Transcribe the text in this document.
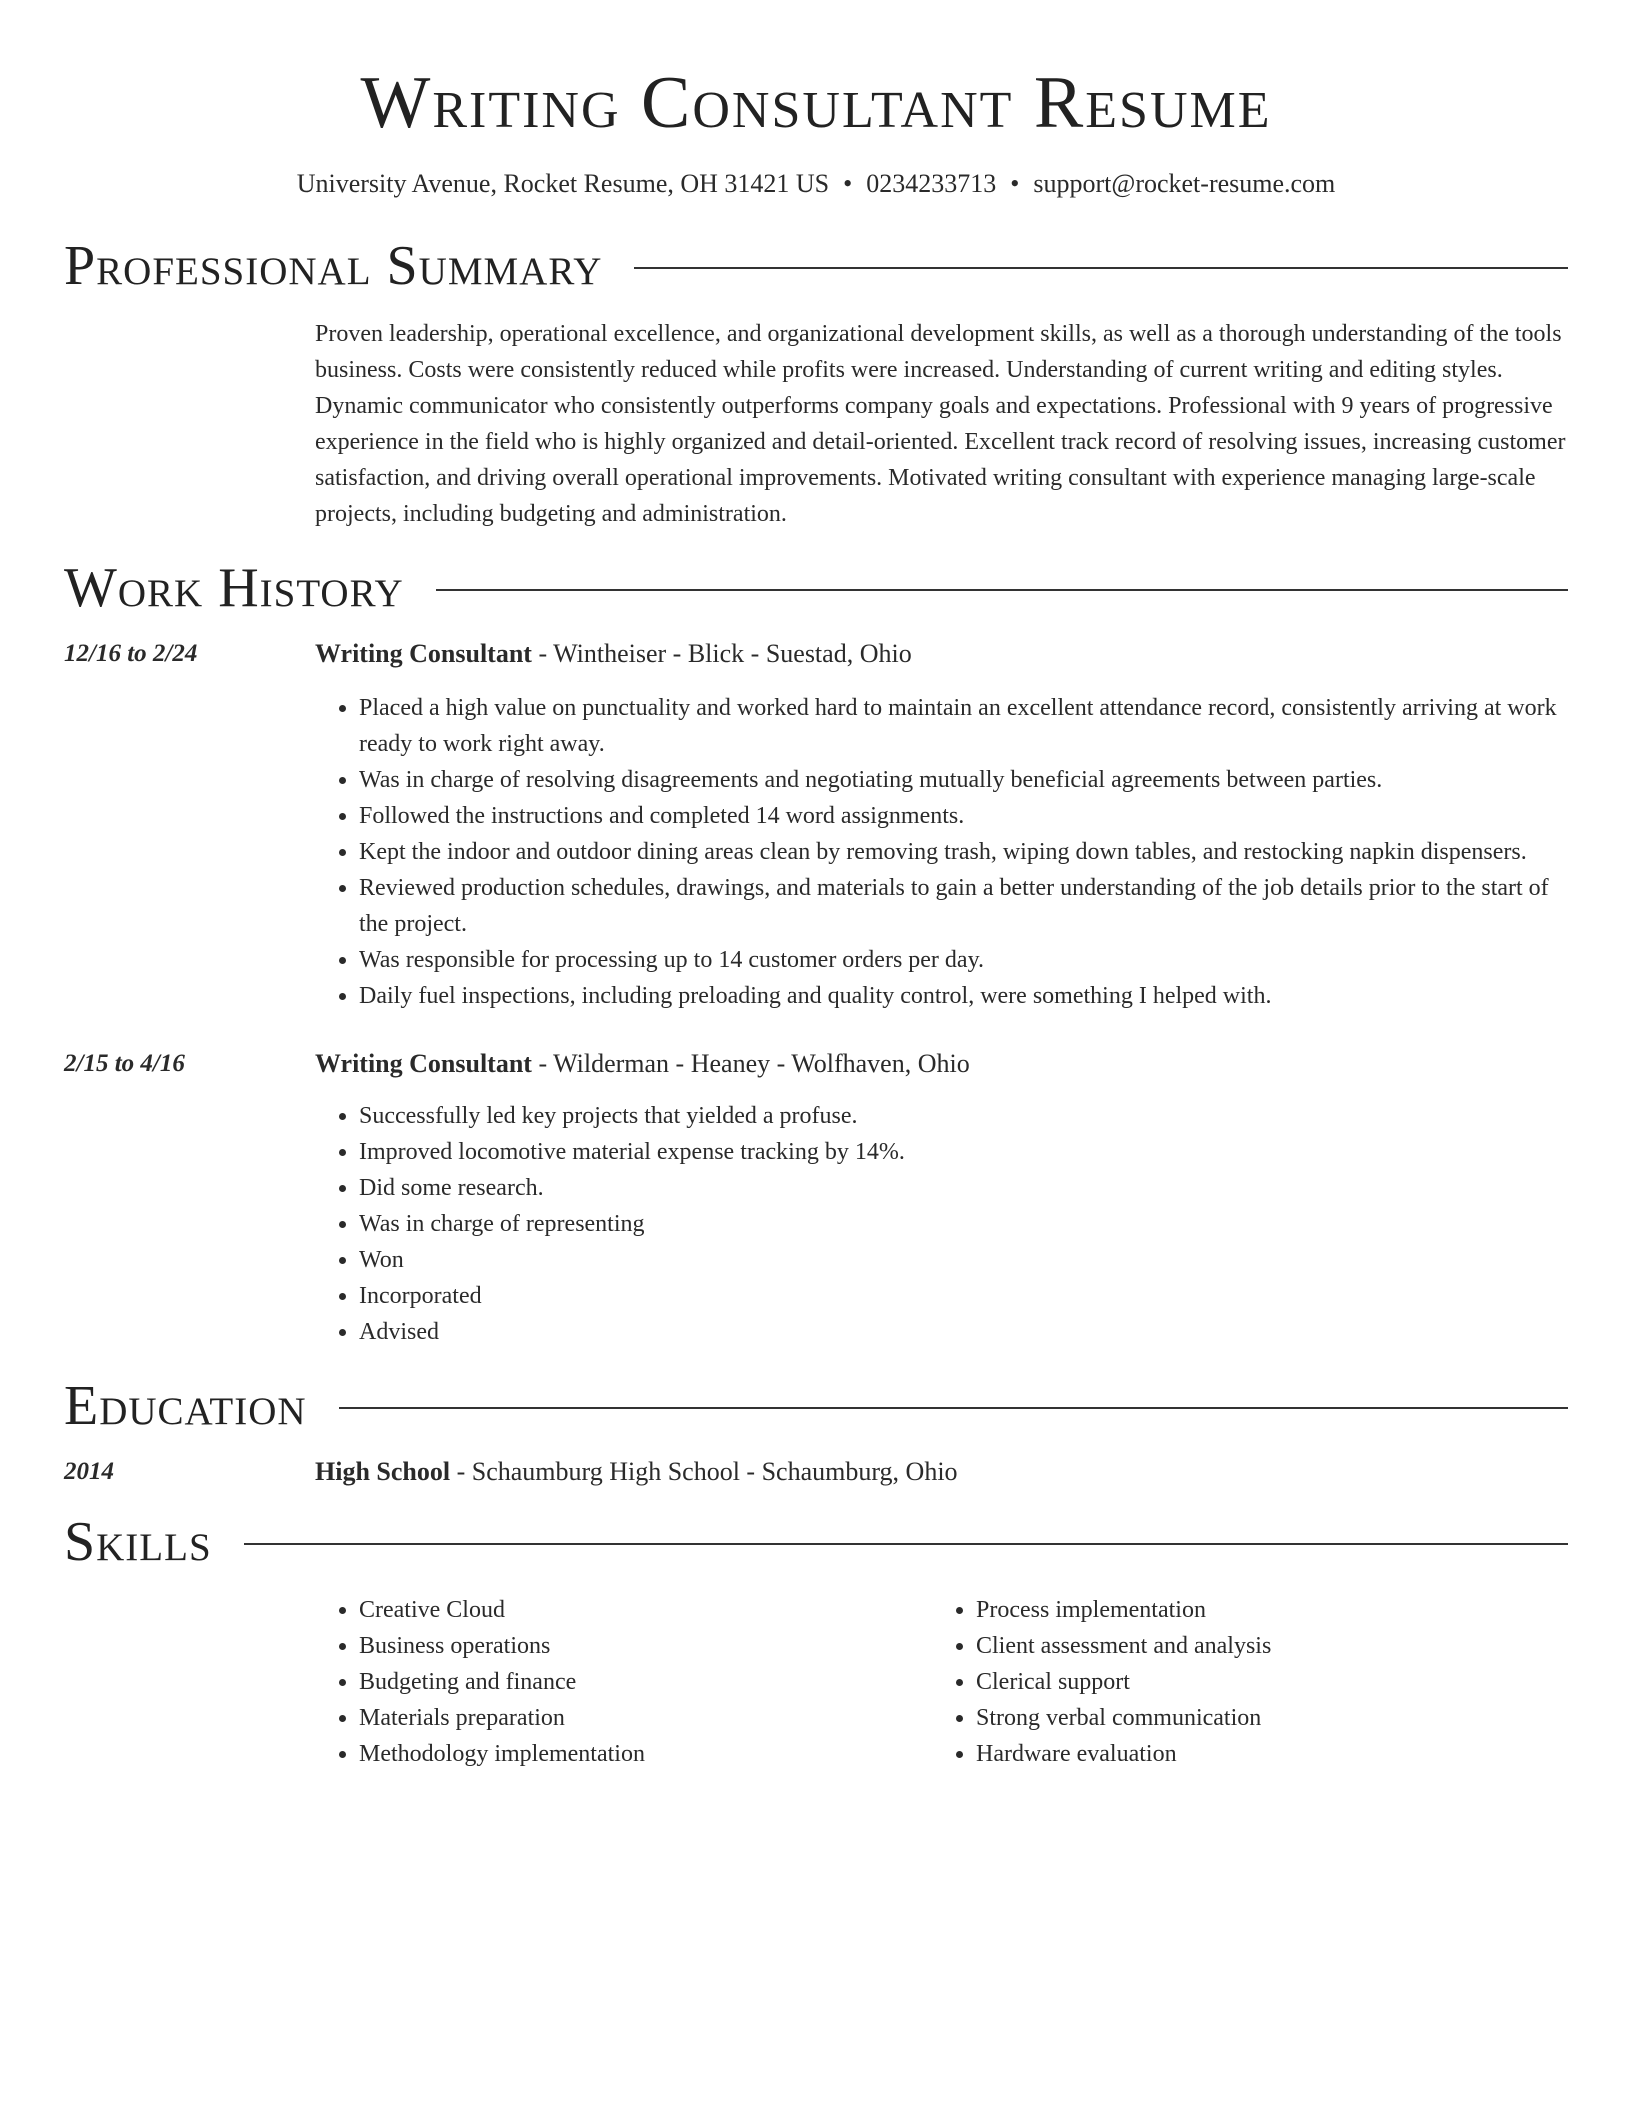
Writing Consultant Resume
University Avenue, Rocket Resume, OH 31421 US • 0234233713 • support@rocket-resume.com
Professional Summary
Proven leadership, operational excellence, and organizational development skills, as well as a thorough understanding of the tools business. Costs were consistently reduced while profits were increased. Understanding of current writing and editing styles. Dynamic communicator who consistently outperforms company goals and expectations. Professional with 9 years of progressive experience in the field who is highly organized and detail-oriented. Excellent track record of resolving issues, increasing customer satisfaction, and driving overall operational improvements. Motivated writing consultant with experience managing large-scale projects, including budgeting and administration.
Work History
12/16 to 2/24	Writing Consultant - Wintheiser - Blick - Suestad, Ohio
• Placed a high value on punctuality and worked hard to maintain an excellent attendance record, consistently arriving at work ready to work right away.
• Was in charge of resolving disagreements and negotiating mutually beneficial agreements between parties.
• Followed the instructions and completed 14 word assignments.
• Kept the indoor and outdoor dining areas clean by removing trash, wiping down tables, and restocking napkin dispensers.
• Reviewed production schedules, drawings, and materials to gain a better understanding of the job details prior to the start of the project.
• Was responsible for processing up to 14 customer orders per day.
• Daily fuel inspections, including preloading and quality control, were something I helped with.
2/15 to 4/16	Writing Consultant - Wilderman - Heaney - Wolfhaven, Ohio
• Successfully led key projects that yielded a profuse.
• Improved locomotive material expense tracking by 14%.
• Did some research.
• Was in charge of representing
• Won
• Incorporated
• Advised
Education
2014	High School - Schaumburg High School - Schaumburg, Ohio
Skills
• Creative Cloud
• Business operations
• Budgeting and finance
• Materials preparation
• Methodology implementation
• Process implementation
• Client assessment and analysis
• Clerical support
• Strong verbal communication
• Hardware evaluation
